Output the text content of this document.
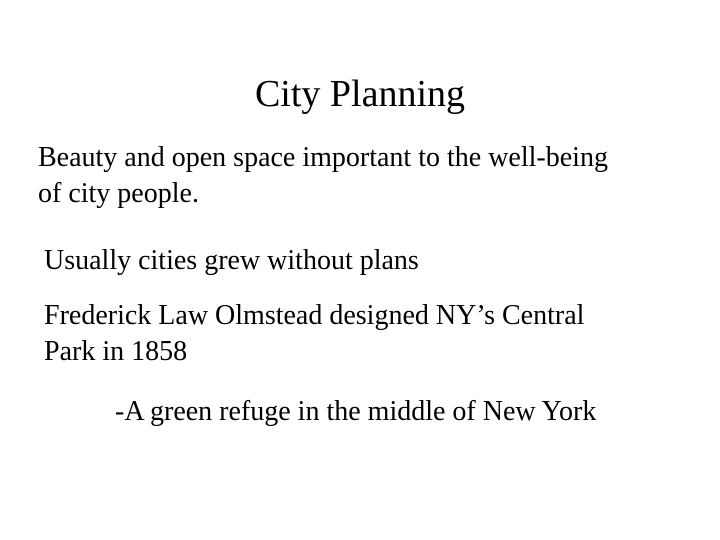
City Planning
Beauty and open space important to the well-being
of city people.
Usually cities grew without plans
Frederick Law Olmstead designed NY’s Central
Park in 1858
-A green refuge in the middle of New York
